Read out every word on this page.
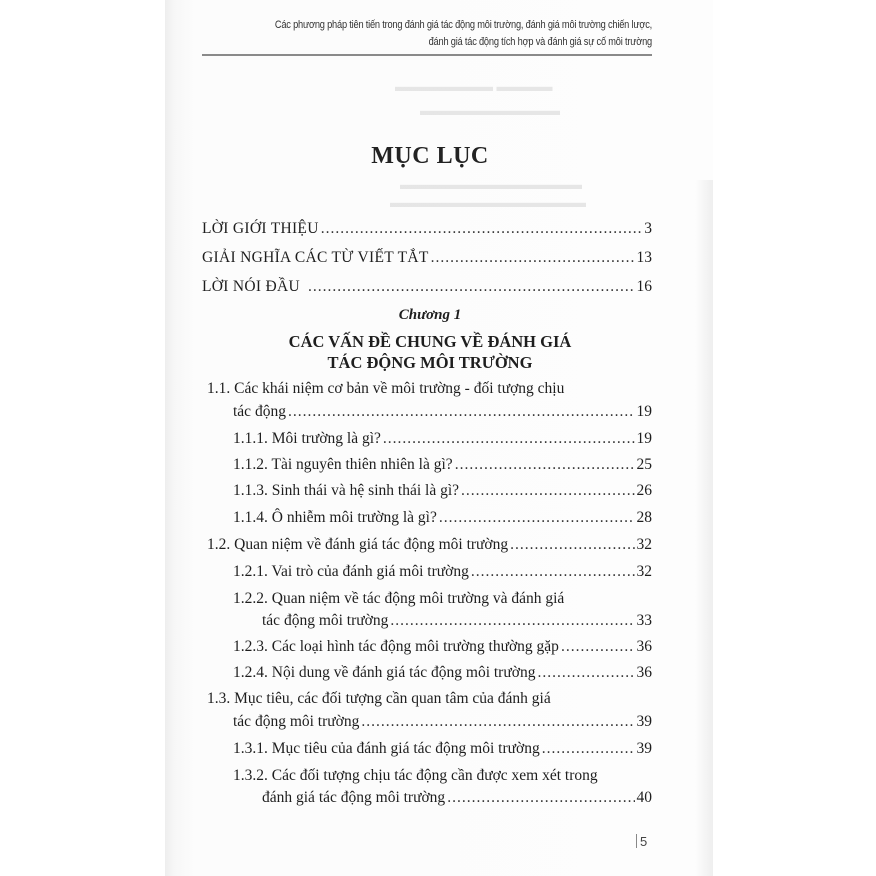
Các phương pháp tiên tiến trong đánh giá tác động môi trường, đánh giá môi trường chiến lược,
đánh giá tác động tích hợp và đánh giá sự cố môi trường
▬▬▬▬▬▬▬ ▬▬▬▬
▬▬▬▬▬▬▬▬▬▬
▬▬▬▬▬▬▬▬▬▬▬▬▬
▬▬▬▬▬▬▬▬▬▬▬▬▬▬
MỤC LỤC
LỜI GIỚI THIỆU .....	3
GIẢI NGHĨA CÁC TỪ VIẾT TẮT .....	13
LỜI NÓI ĐẦU .....	16
Chương 1
CÁC VẤN ĐỀ CHUNG VỀ ĐÁNH GIÁ
TÁC ĐỘNG MÔI TRƯỜNG
1.1. Các khái niệm cơ bản về môi trường - đối tượng chịu
tác động .....	19
1.1.1. Môi trường là gì? .....	19
1.1.2. Tài nguyên thiên nhiên là gì? .....	25
1.1.3. Sinh thái và hệ sinh thái là gì? .....	26
1.1.4. Ô nhiễm môi trường là gì? .....	28
1.2. Quan niệm về đánh giá tác động môi trường .....	32
1.2.1. Vai trò của đánh giá môi trường .....	32
1.2.2. Quan niệm về tác động môi trường và đánh giá
tác động môi trường .....	33
1.2.3. Các loại hình tác động môi trường thường gặp .....	36
1.2.4. Nội dung về đánh giá tác động môi trường .....	36
1.3. Mục tiêu, các đối tượng cần quan tâm của đánh giá
tác động môi trường .....	39
1.3.1. Mục tiêu của đánh giá tác động môi trường .....	39
1.3.2. Các đối tượng chịu tác động cần được xem xét trong
đánh giá tác động môi trường .....	40
5
